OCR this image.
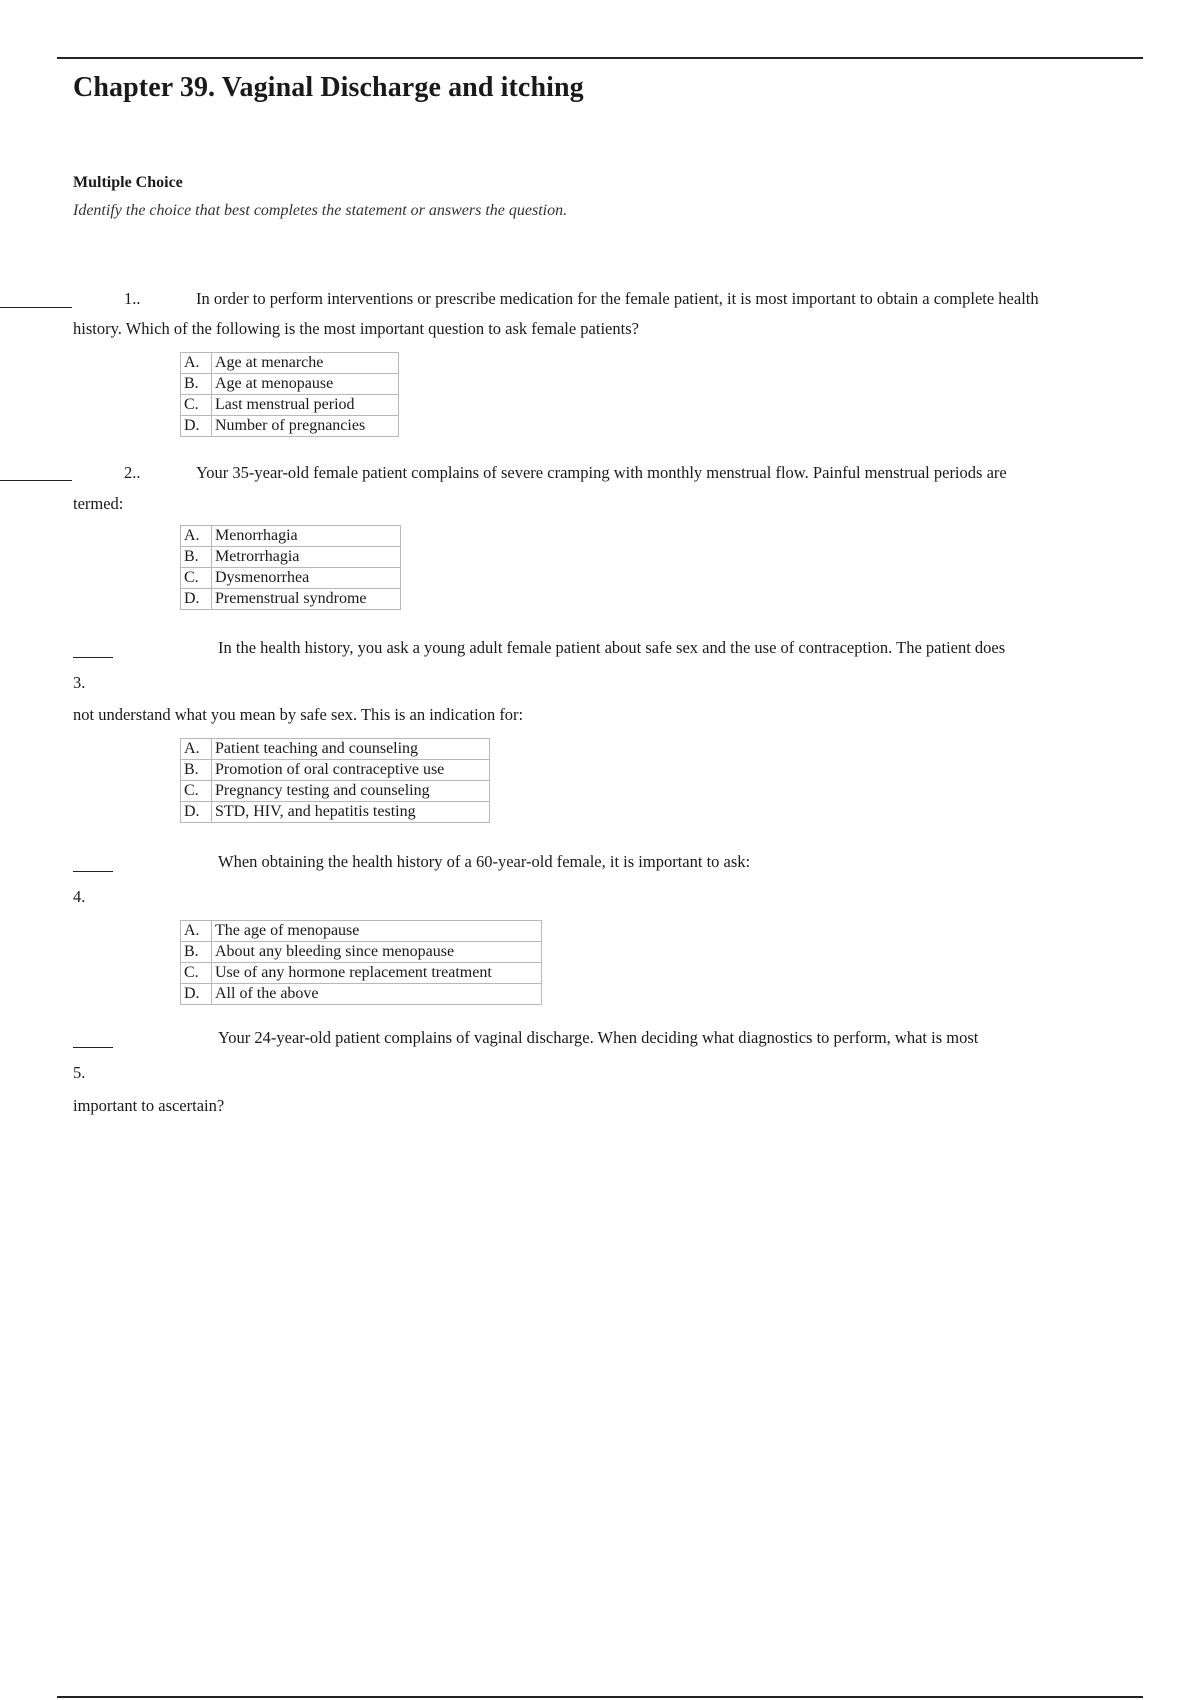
Chapter 39. Vaginal Discharge and itching
Multiple Choice
Identify the choice that best completes the statement or answers the question.
1..	In order to perform interventions or prescribe medication for the female patient, it is most important to obtain a complete health
history. Which of the following is the most important question to ask female patients?
A.	Age at menarche
B.	Age at menopause
C.	Last menstrual period
D.	Number of pregnancies
2..	Your 35-year-old female patient complains of severe cramping with monthly menstrual flow. Painful menstrual periods are
termed:
A.	Menorrhagia
B.	Metrorrhagia
C.	Dysmenorrhea
D.	Premenstrual syndrome
In the health history, you ask a young adult female patient about safe sex and the use of contraception. The patient does
3.
not understand what you mean by safe sex. This is an indication for:
A.	Patient teaching and counseling
B.	Promotion of oral contraceptive use
C.	Pregnancy testing and counseling
D.	STD, HIV, and hepatitis testing
When obtaining the health history of a 60-year-old female, it is important to ask:
4.
A.	The age of menopause
B.	About any bleeding since menopause
C.	Use of any hormone replacement treatment
D.	All of the above
Your 24-year-old patient complains of vaginal discharge. When deciding what diagnostics to perform, what is most
5.
important to ascertain?
